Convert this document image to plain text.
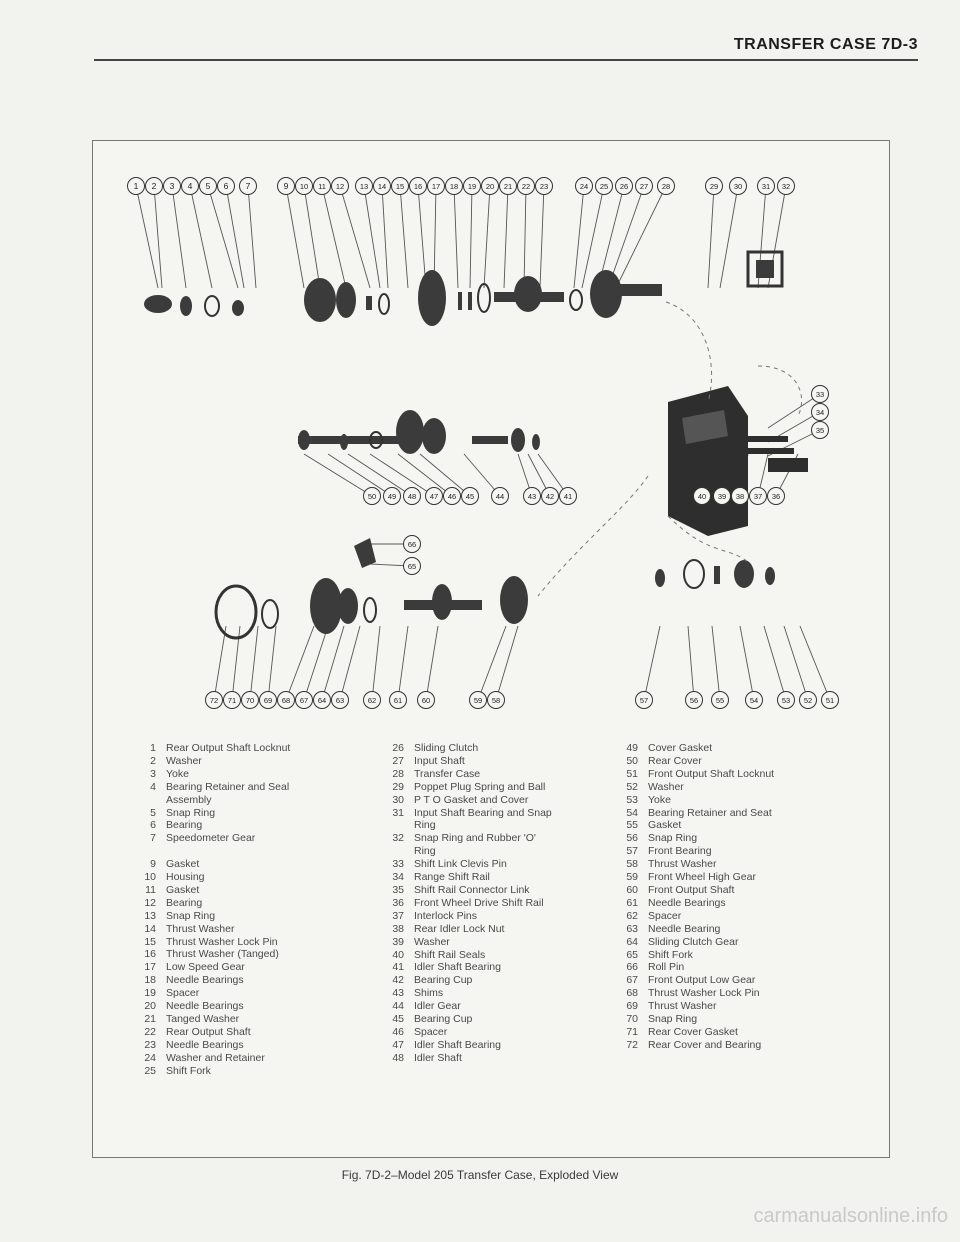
TRANSFER CASE 7D-3
1 2 3 4 5 6 7	9 10 11 12 13 14 15 16 17 18 19 20 21 22 23	24 25 26 27 28	29 30	31 32
33
34
35
50 49 48 47 46 45	44	43 42 41	40 39 38 37 36
66
65
72 71 70 69 68 67 64 63	62 61	60	59 58	57	56 55	54	53 52 51
1 Rear Output Shaft Locknut
2 Washer
3 Yoke
4 Bearing Retainer and Seal
Assembly
5 Snap Ring
6 Bearing
7 Speedometer Gear
9 Gasket
10 Housing
11 Gasket
12 Bearing
13 Snap Ring
14 Thrust Washer
15 Thrust Washer Lock Pin
16 Thrust Washer (Tanged)
17 Low Speed Gear
18 Needle Bearings
19 Spacer
20 Needle Bearings
21 Tanged Washer
22 Rear Output Shaft
23 Needle Bearings
24 Washer and Retainer
25 Shift Fork
26 Sliding Clutch
27 Input Shaft
28 Transfer Case
29 Poppet Plug Spring and Ball
30 P T O Gasket and Cover
31 Input Shaft Bearing and Snap
Ring
32 Snap Ring and Rubber 'O'
Ring
33 Shift Link Clevis Pin
34 Range Shift Rail
35 Shift Rail Connector Link
36 Front Wheel Drive Shift Rail
37 Interlock Pins
38 Rear Idler Lock Nut
39 Washer
40 Shift Rail Seals
41 Idler Shaft Bearing
42 Bearing Cup
43 Shims
44 Idler Gear
45 Bearing Cup
46 Spacer
47 Idler Shaft Bearing
48 Idler Shaft
49 Cover Gasket
50 Rear Cover
51 Front Output Shaft Locknut
52 Washer
53 Yoke
54 Bearing Retainer and Seat
55 Gasket
56 Snap Ring
57 Front Bearing
58 Thrust Washer
59 Front Wheel High Gear
60 Front Output Shaft
61 Needle Bearings
62 Spacer
63 Needle Bearing
64 Sliding Clutch Gear
65 Shift Fork
66 Roll Pin
67 Front Output Low Gear
68 Thrust Washer Lock Pin
69 Thrust Washer
70 Snap Ring
71 Rear Cover Gasket
72 Rear Cover and Bearing
Fig. 7D-2–Model 205 Transfer Case, Exploded View
carmanualsonline.info
